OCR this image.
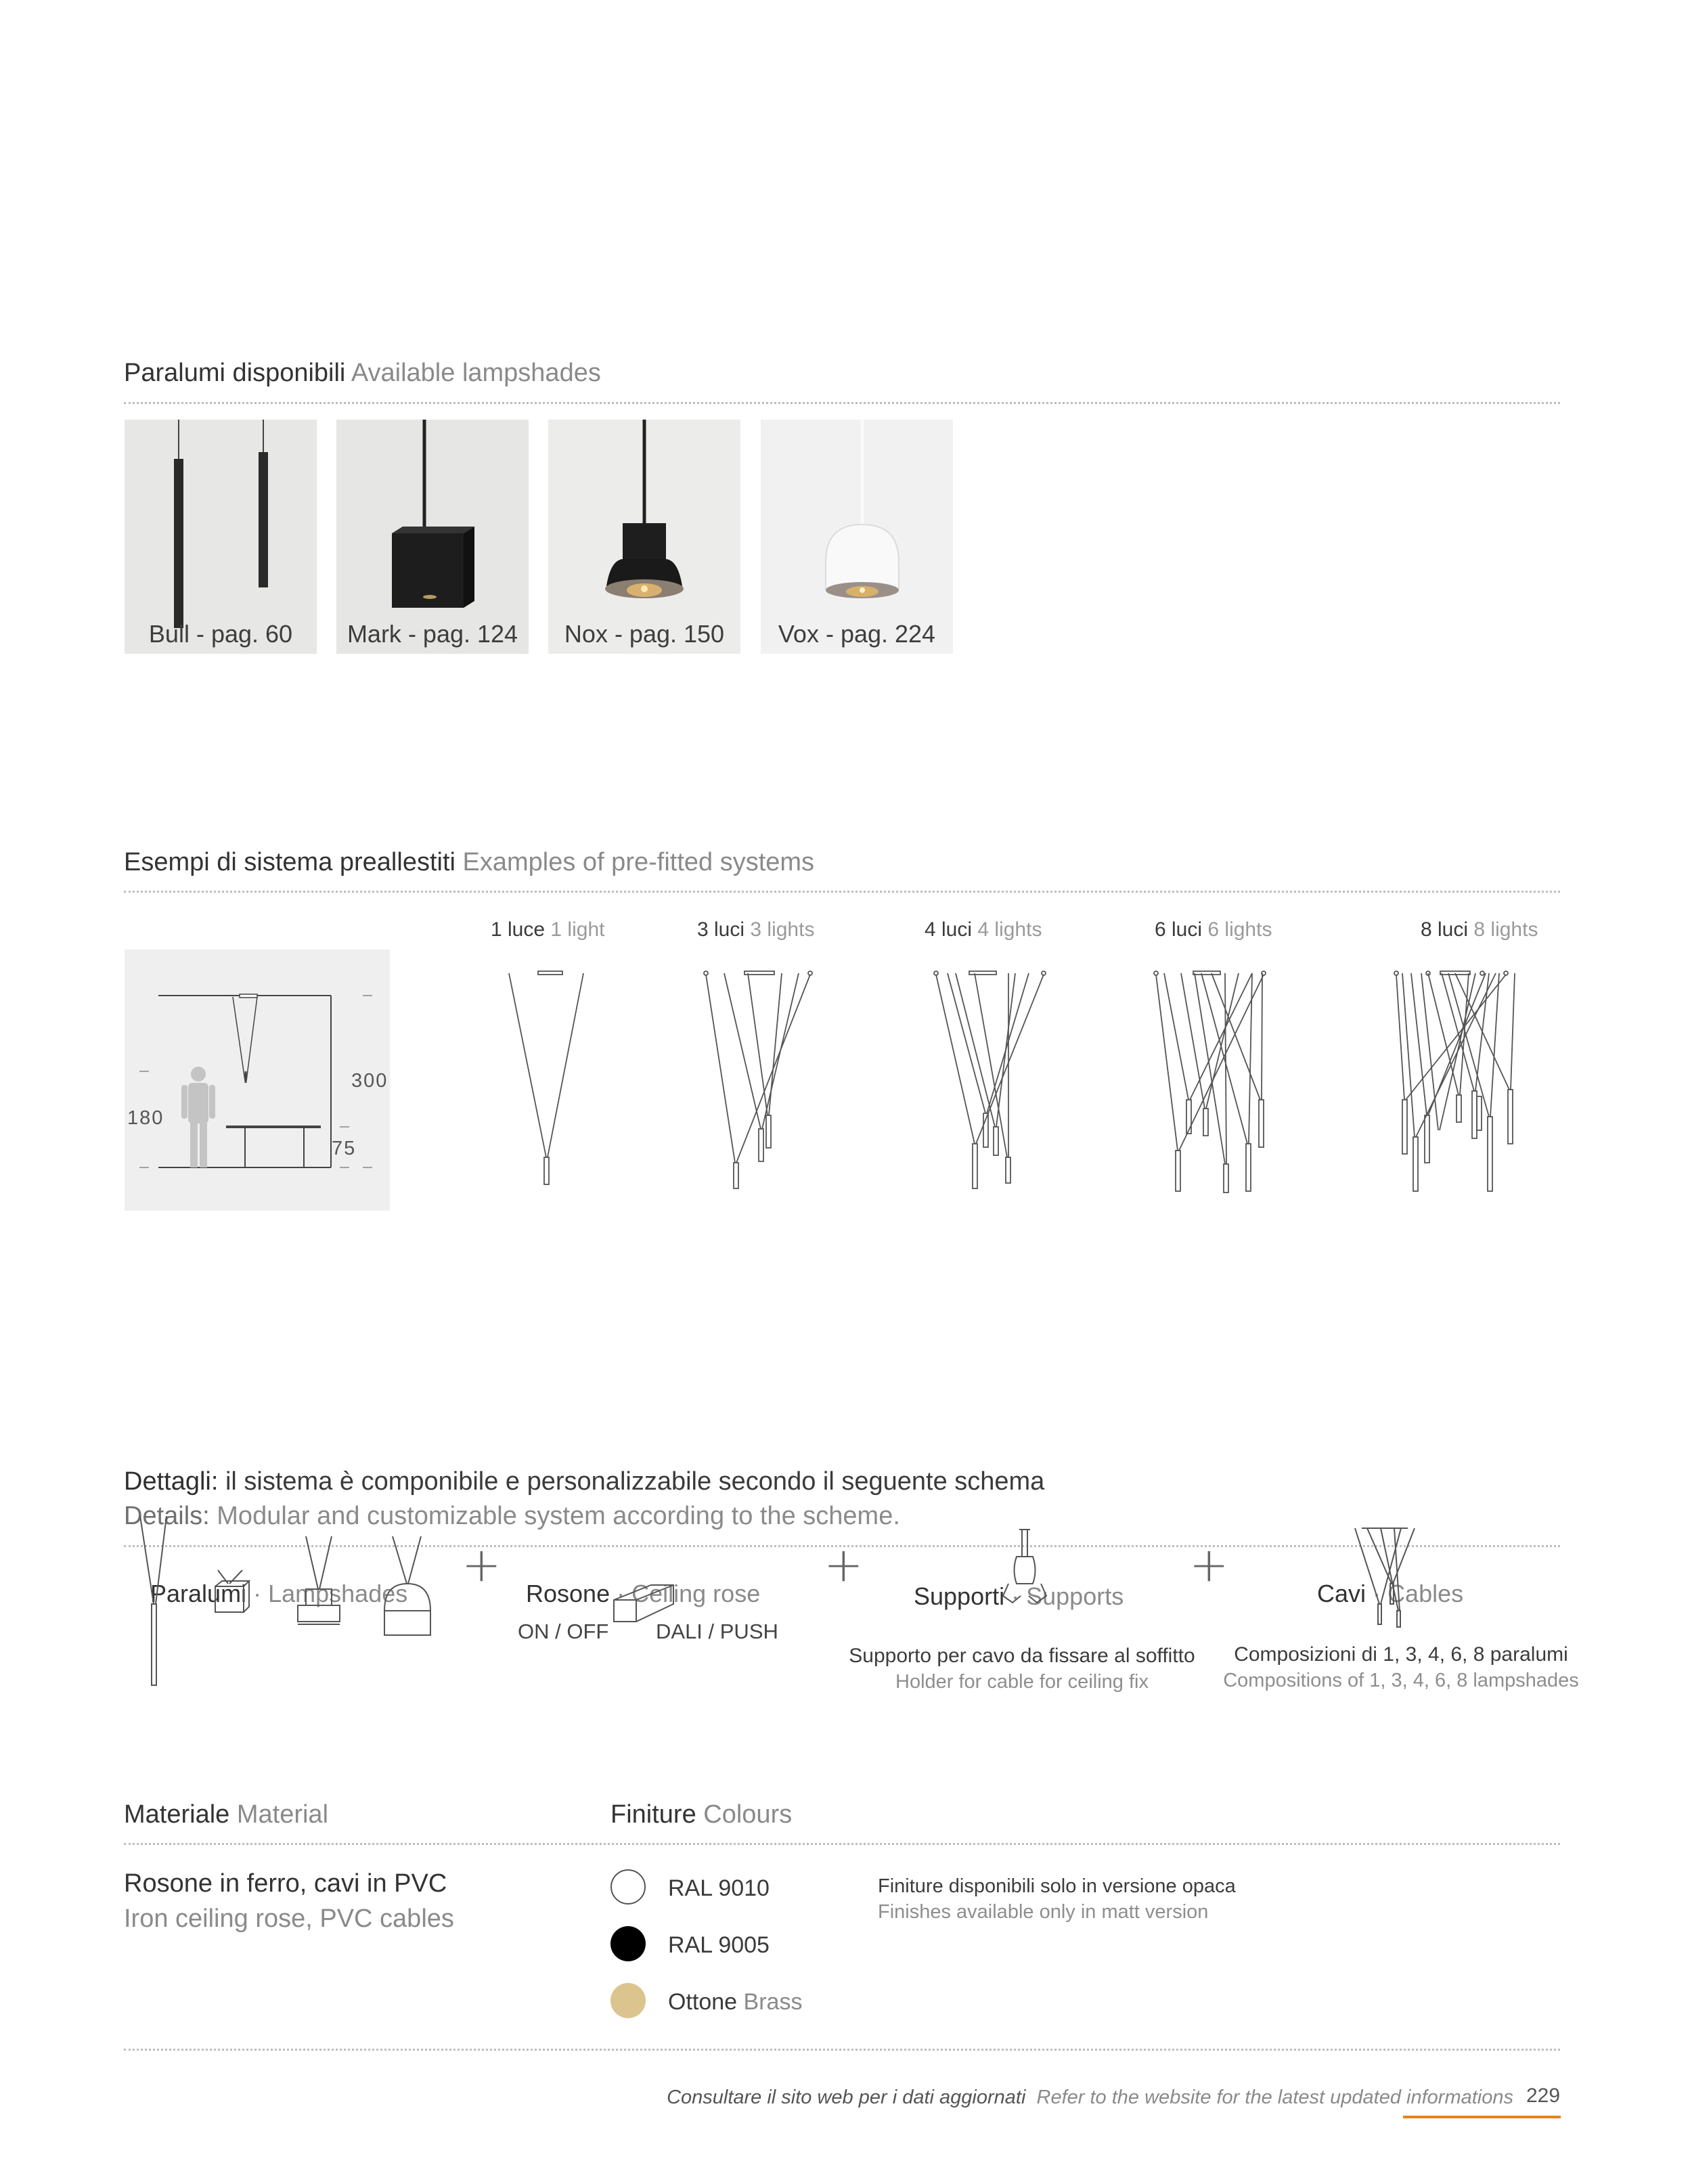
Paralumi disponibili Available lampshades
Bull - pag. 60	Mark - pag. 124	Nox - pag. 150	Vox - pag. 224
Esempi di sistema preallestiti Examples of pre-fitted systems
300
180
75
1 luce 1 light	3 luci 3 lights	4 luci 4 lights	6 luci 6 lights	8 luci 8 lights
Dettagli: il sistema è componibile e personalizzabile secondo il seguente schema
Details: Modular and customizable system according to the scheme.
Paralumi · Lampshades	Rosone · Ceiling rose
ON / OFF DALI / PUSH
Supporti · Supports	Cavi · Cables
+	+	+
Supporto per cavo da fissare al soffitto
Holder for cable for ceiling fix
Composizioni di 1, 3, 4, 6, 8 paralumi
Compositions of 1, 3, 4, 6, 8 lampshades
Materiale Material	Finiture Colours
Rosone in ferro, cavi in PVC
Iron ceiling rose, PVC cables
RAL 9010
RAL 9005
Ottone Brass
Finiture disponibili solo in versione opaca
Finishes available only in matt version
Consultare il sito web per i dati aggiornati Refer to the website for the latest updated informations 229
